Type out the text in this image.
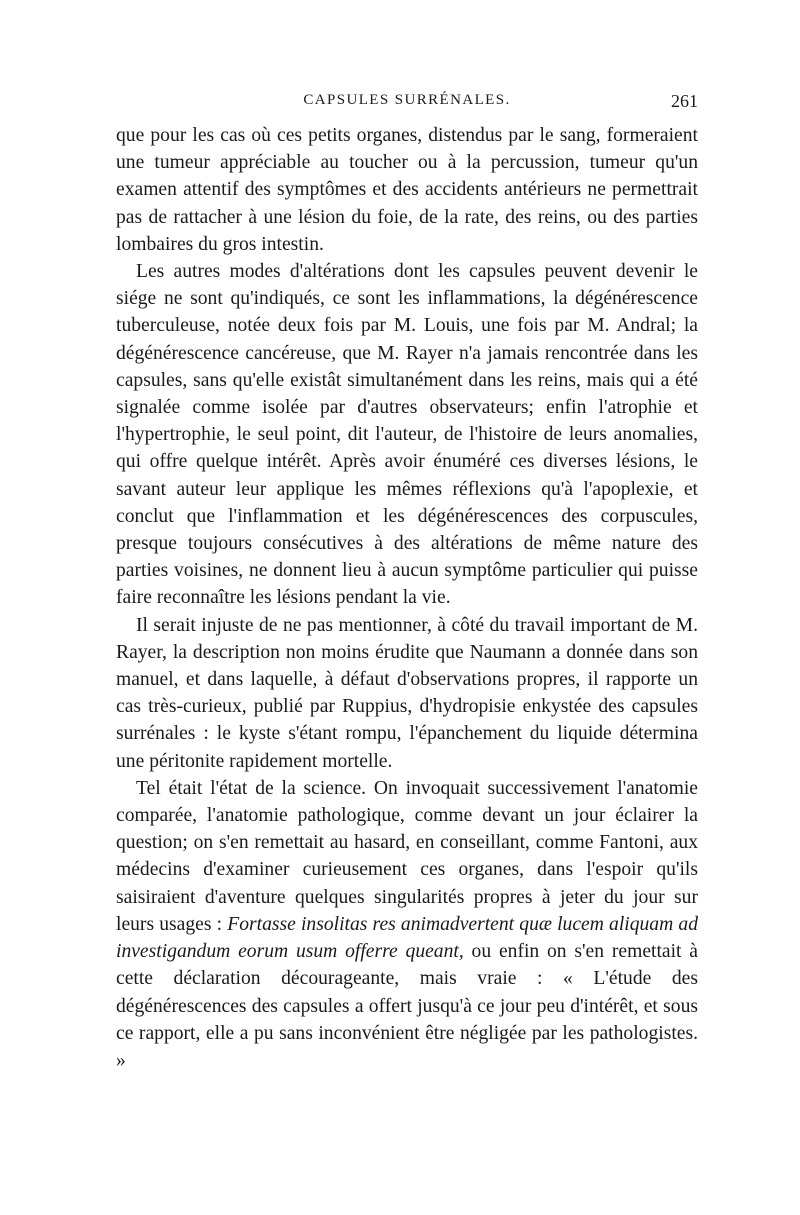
CAPSULES SURRÉNALES.	261

que pour les cas où ces petits organes, distendus par le sang, formeraient une tumeur appréciable au toucher ou à la percussion, tumeur qu'un examen attentif des symptômes et des accidents antérieurs ne permettrait pas de rattacher à une lésion du foie, de la rate, des reins, ou des parties lombaires du gros intestin.

Les autres modes d'altérations dont les capsules peuvent devenir le siége ne sont qu'indiqués, ce sont les inflammations, la dégénérescence tuberculeuse, notée deux fois par M. Louis, une fois par M. Andral; la dégénérescence cancéreuse, que M. Rayer n'a jamais rencontrée dans les capsules, sans qu'elle existât simultanément dans les reins, mais qui a été signalée comme isolée par d'autres observateurs; enfin l'atrophie et l'hypertrophie, le seul point, dit l'auteur, de l'histoire de leurs anomalies, qui offre quelque intérêt. Après avoir énuméré ces diverses lésions, le savant auteur leur applique les mêmes réflexions qu'à l'apoplexie, et conclut que l'inflammation et les dégénérescences des corpuscules, presque toujours consécutives à des altérations de même nature des parties voisines, ne donnent lieu à aucun symptôme particulier qui puisse faire reconnaître les lésions pendant la vie.

Il serait injuste de ne pas mentionner, à côté du travail important de M. Rayer, la description non moins érudite que Naumann a donnée dans son manuel, et dans laquelle, à défaut d'observations propres, il rapporte un cas très-curieux, publié par Ruppius, d'hydropisie enkystée des capsules surrénales : le kyste s'étant rompu, l'épanchement du liquide détermina une péritonite rapidement mortelle.

Tel était l'état de la science. On invoquait successivement l'anatomie comparée, l'anatomie pathologique, comme devant un jour éclairer la question; on s'en remettait au hasard, en conseillant, comme Fantoni, aux médecins d'examiner curieusement ces organes, dans l'espoir qu'ils saisiraient d'aventure quelques singularités propres à jeter du jour sur leurs usages : Fortasse insolitas res animadvertent quæ lucem aliquam ad investigandum eorum usum offerre queant, ou enfin on s'en remettait à cette déclaration décourageante, mais vraie : « L'étude des dégénérescences des capsules a offert jusqu'à ce jour peu d'intérêt, et sous ce rapport, elle a pu sans inconvénient être négligée par les pathologistes. »
